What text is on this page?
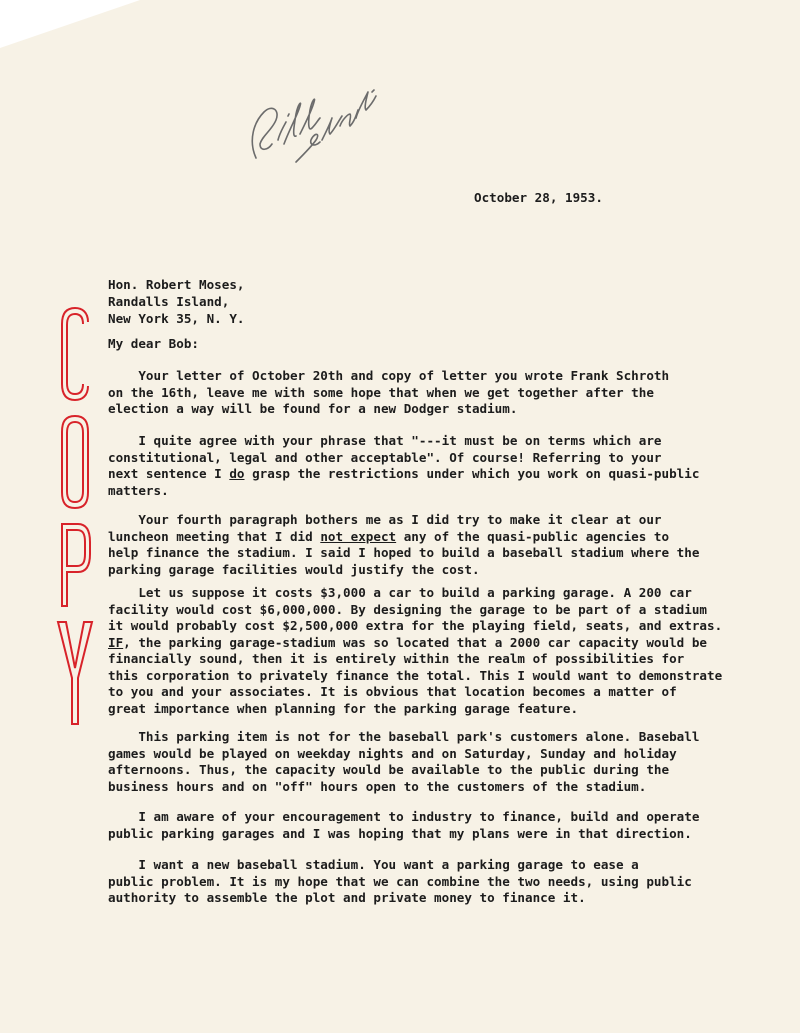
October 28, 1953.
Hon. Robert Moses,
Randalls Island,
New York 35, N. Y.
My dear Bob:
Your letter of October 20th and copy of letter you wrote Frank Schroth
on the 16th, leave me with some hope that when we get together after the
election a way will be found for a new Dodger stadium.
I quite agree with your phrase that "---it must be on terms which are
constitutional, legal and other acceptable". Of course! Referring to your
next sentence I do grasp the restrictions under which you work on quasi-public
matters.
Your fourth paragraph bothers me as I did try to make it clear at our
luncheon meeting that I did not expect any of the quasi-public agencies to
help finance the stadium. I said I hoped to build a baseball stadium where the
parking garage facilities would justify the cost.
Let us suppose it costs $3,000 a car to build a parking garage. A 200 car
facility would cost $6,000,000. By designing the garage to be part of a stadium
it would probably cost $2,500,000 extra for the playing field, seats, and extras.
IF, the parking garage-stadium was so located that a 2000 car capacity would be
financially sound, then it is entirely within the realm of possibilities for
this corporation to privately finance the total. This I would want to demonstrate
to you and your associates. It is obvious that location becomes a matter of
great importance when planning for the parking garage feature.
This parking item is not for the baseball park's customers alone. Baseball
games would be played on weekday nights and on Saturday, Sunday and holiday
afternoons. Thus, the capacity would be available to the public during the
business hours and on "off" hours open to the customers of the stadium.
I am aware of your encouragement to industry to finance, build and operate
public parking garages and I was hoping that my plans were in that direction.
I want a new baseball stadium. You want a parking garage to ease a
public problem. It is my hope that we can combine the two needs, using public
authority to assemble the plot and private money to finance it.
